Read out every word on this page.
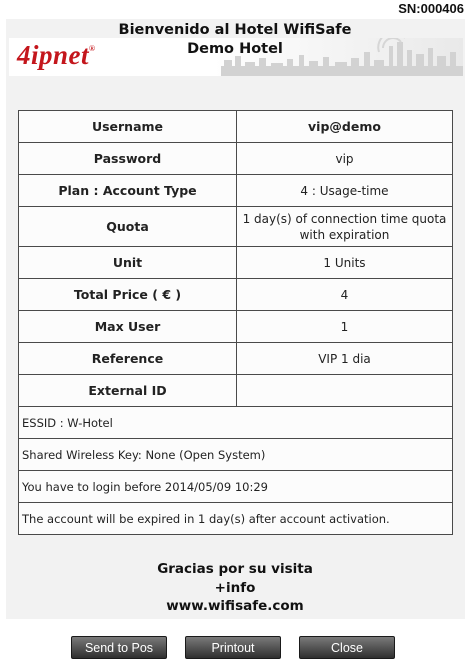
SN:000406
4ipnet®
Bienvenido al Hotel WifiSafe
Demo Hotel
Username	vip@demo
Password	vip
Plan : Account Type	4 : Usage-time
Quota	1 day(s) of connection time quota with expiration
Unit	1 Units
Total Price ( € )	4
Max User	1
Reference	VIP 1 dia
External ID	
ESSID : W-Hotel	
Shared Wireless Key: None (Open System)	
You have to login before 2014/05/09 10:29	
The account will be expired in 1 day(s) after account activation.	
Gracias por su visita
+info
www.wifisafe.com
Send to Pos	Printout	Close
